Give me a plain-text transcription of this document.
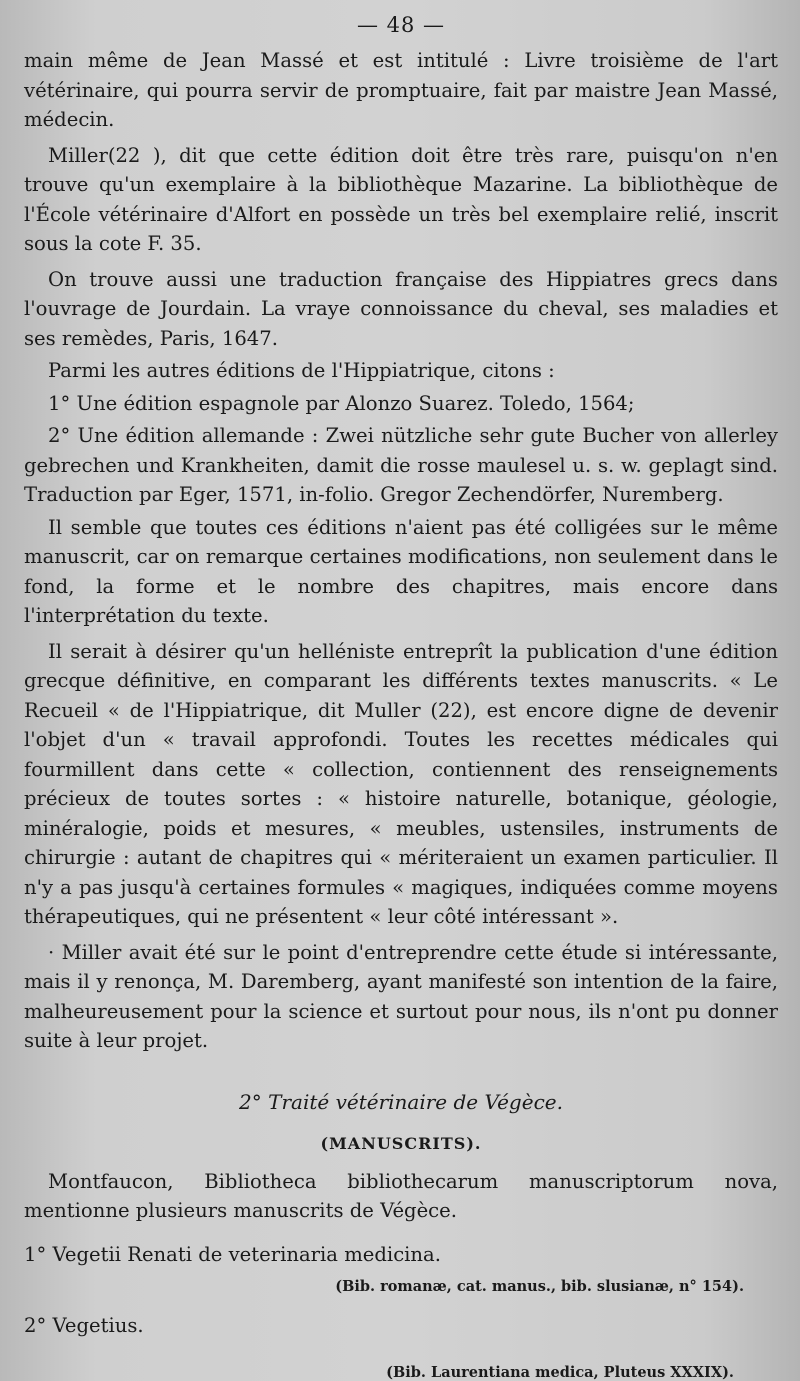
— 48 —

main même de Jean Massé et est intitulé : Livre troisième de l'art vétérinaire, qui pourra servir de promptuaire, fait par maistre Jean Massé, médecin.

Miller(22 ), dit que cette édition doit être très rare, puisqu'on n'en trouve qu'un exemplaire à la bibliothèque Mazarine. La bibliothèque de l'École vétérinaire d'Alfort en possède un très bel exemplaire relié, inscrit sous la cote F. 35.

On trouve aussi une traduction française des Hippiatres grecs dans l'ouvrage de Jourdain. La vraye connoissance du cheval, ses maladies et ses remèdes, Paris, 1647.

Parmi les autres éditions de l'Hippiatrique, citons :

1° Une édition espagnole par Alonzo Suarez. Toledo, 1564;

2° Une édition allemande : Zwei nützliche sehr gute Bucher von allerley gebrechen und Krankheiten, damit die rosse maulesel u. s. w. geplagt sind. Traduction par Eger, 1571, in-folio. Gregor Zechendörfer, Nuremberg.

Il semble que toutes ces éditions n'aient pas été colligées sur le même manuscrit, car on remarque certaines modifications, non seulement dans le fond, la forme et le nombre des chapitres, mais encore dans l'interprétation du texte.

Il serait à désirer qu'un helléniste entreprît la publication d'une édition grecque définitive, en comparant les différents textes manuscrits. « Le Recueil « de l'Hippiatrique, dit Muller (22), est encore digne de devenir l'objet d'un « travail approfondi. Toutes les recettes médicales qui fourmillent dans cette « collection, contiennent des renseignements précieux de toutes sortes : « histoire naturelle, botanique, géologie, minéralogie, poids et mesures, « meubles, ustensiles, instruments de chirurgie : autant de chapitres qui « mériteraient un examen particulier. Il n'y a pas jusqu'à certaines formules « magiques, indiquées comme moyens thérapeutiques, qui ne présentent « leur côté intéressant ».

· Miller avait été sur le point d'entreprendre cette étude si intéressante, mais il y renonça, M. Daremberg, ayant manifesté son intention de la faire, malheureusement pour la science et surtout pour nous, ils n'ont pu donner suite à leur projet.

2° Traité vétérinaire de Végèce.
(MANUSCRITS).

Montfaucon, Bibliotheca bibliothecarum manuscriptorum nova, mentionne plusieurs manuscrits de Végèce.

1° Vegetii Renati de veterinaria medicina.

(Bib. romanæ, cat. manus., bib. slusianæ, n° 154).

2° Vegetius.

(Bib. Laurentiana medica, Pluteus XXXIX).
